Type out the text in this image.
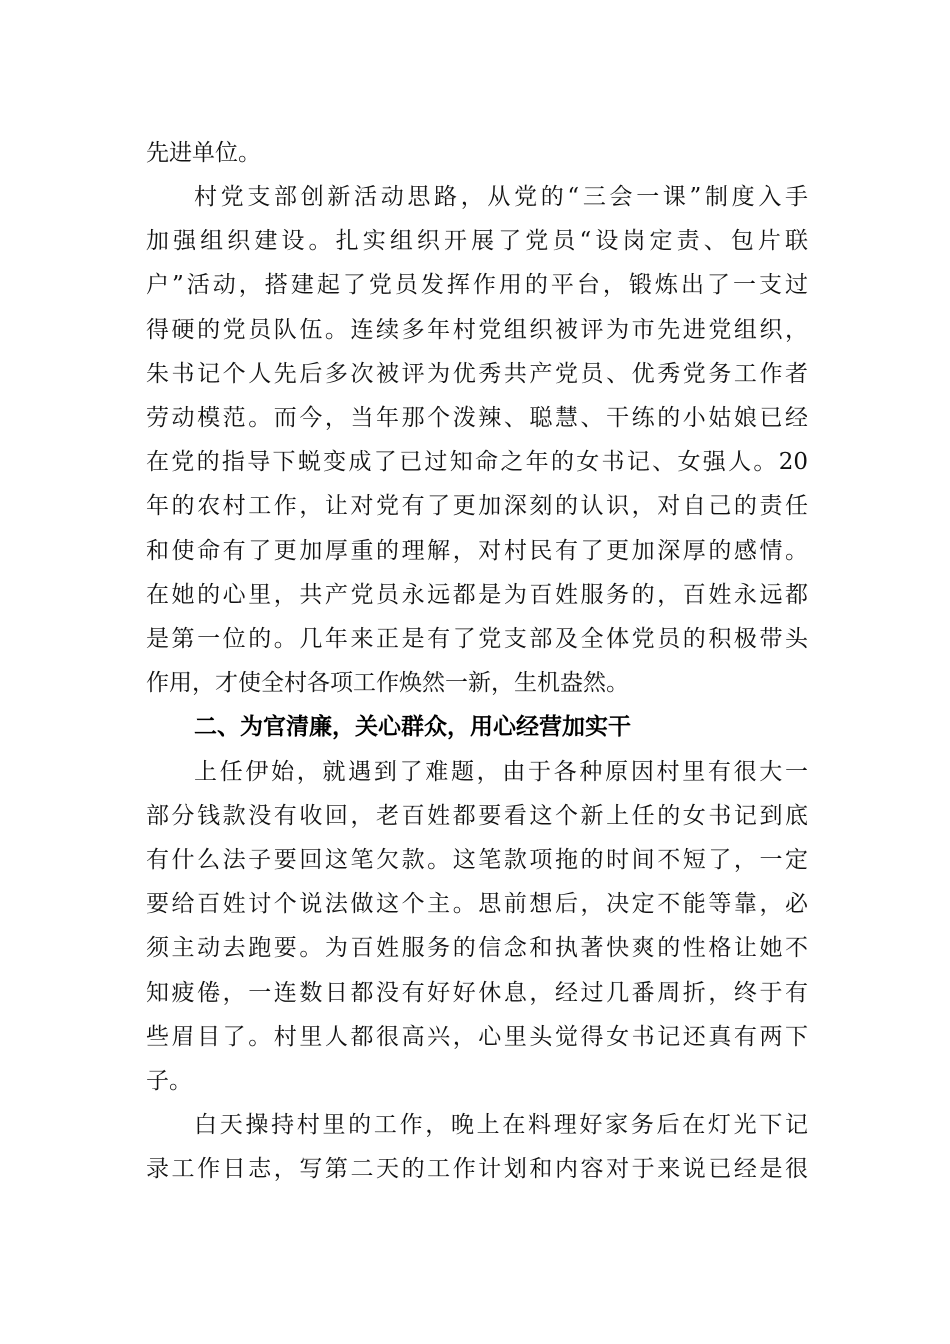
先进单位。
村党支部创新活动思路，从党的“三会一课”制度入手
加强组织建设。扎实组织开展了党员“设岗定责、包片联
户”活动，搭建起了党员发挥作用的平台，锻炼出了一支过
得硬的党员队伍。连续多年村党组织被评为市先进党组织，
朱书记个人先后多次被评为优秀共产党员、优秀党务工作者
劳动模范。而今，当年那个泼辣、聪慧、干练的小姑娘已经
在党的指导下蜕变成了已过知命之年的女书记、女强人。20
年的农村工作，让对党有了更加深刻的认识，对自己的责任
和使命有了更加厚重的理解，对村民有了更加深厚的感情。
在她的心里，共产党员永远都是为百姓服务的，百姓永远都
是第一位的。几年来正是有了党支部及全体党员的积极带头
作用，才使全村各项工作焕然一新，生机盎然。
二、为官清廉，关心群众，用心经营加实干
上任伊始，就遇到了难题，由于各种原因村里有很大一
部分钱款没有收回，老百姓都要看这个新上任的女书记到底
有什么法子要回这笔欠款。这笔款项拖的时间不短了，一定
要给百姓讨个说法做这个主。思前想后，决定不能等靠，必
须主动去跑要。为百姓服务的信念和执著快爽的性格让她不
知疲倦，一连数日都没有好好休息，经过几番周折，终于有
些眉目了。村里人都很高兴，心里头觉得女书记还真有两下
子。
白天操持村里的工作，晚上在料理好家务后在灯光下记
录工作日志，写第二天的工作计划和内容对于来说已经是很
